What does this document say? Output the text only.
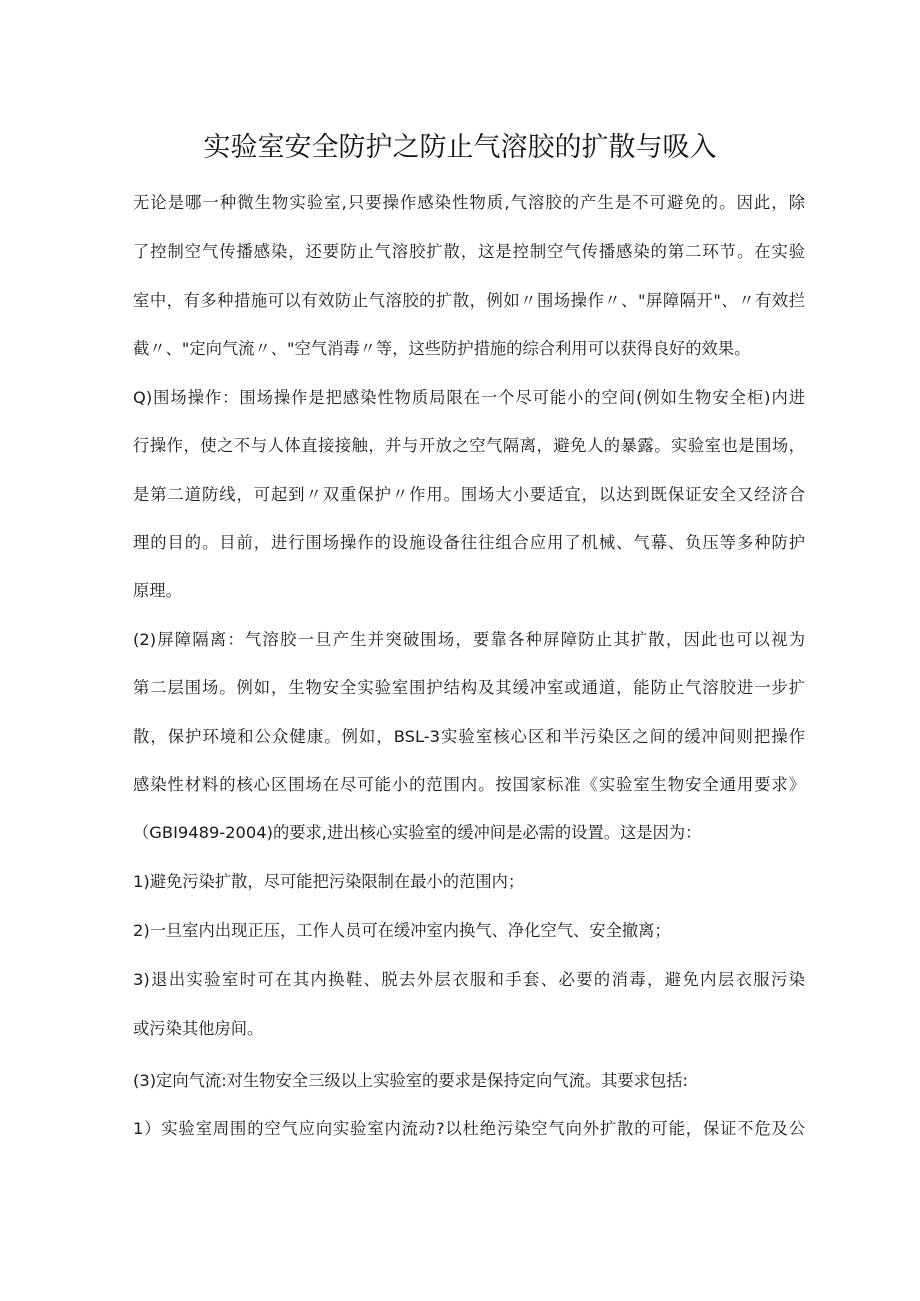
实验室安全防护之防止气溶胶的扩散与吸入
无论是哪一种微生物实验室,只要操作感染性物质,气溶胶的产生是不可避免的。因此，除
了控制空气传播感染，还要防止气溶胶扩散，这是控制空气传播感染的第二环节。在实验
室中，有多种措施可以有效防止气溶胶的扩散，例如〃围场操作〃、"屏障隔开"、〃有效拦
截〃、"定向气流〃、"空气消毒〃等，这些防护措施的综合利用可以获得良好的效果。
Q)围场操作：围场操作是把感染性物质局限在一个尽可能小的空间(例如生物安全柜)内进
行操作，使之不与人体直接接触，并与开放之空气隔离，避免人的暴露。实验室也是围场，
是第二道防线，可起到〃双重保护〃作用。围场大小要适宜，以达到既保证安全又经济合
理的目的。目前，进行围场操作的设施设备往往组合应用了机械、气幕、负压等多种防护
原理。
(2)屏障隔离：气溶胶一旦产生并突破围场，要靠各种屏障防止其扩散，因此也可以视为
第二层围场。例如，生物安全实验室围护结构及其缓冲室或通道，能防止气溶胶进一步扩
散，保护环境和公众健康。例如，BSL-3实验室核心区和半污染区之间的缓冲间则把操作
感染性材料的核心区围场在尽可能小的范围内。按国家标准《实验室生物安全通用要求》
（GBI9489-2004)的要求,进出核心实验室的缓冲间是必需的设置。这是因为：
1)避免污染扩散，尽可能把污染限制在最小的范围内；
2)一旦室内出现正压，工作人员可在缓冲室内换气、净化空气、安全撤离；
3)退出实验室时可在其内换鞋、脱去外层衣服和手套、必要的消毒，避免内层衣服污染
或污染其他房间。
(3)定向气流:对生物安全三级以上实验室的要求是保持定向气流。其要求包括:
1）实验室周围的空气应向实验室内流动?以杜绝污染空气向外扩散的可能，保证不危及公
